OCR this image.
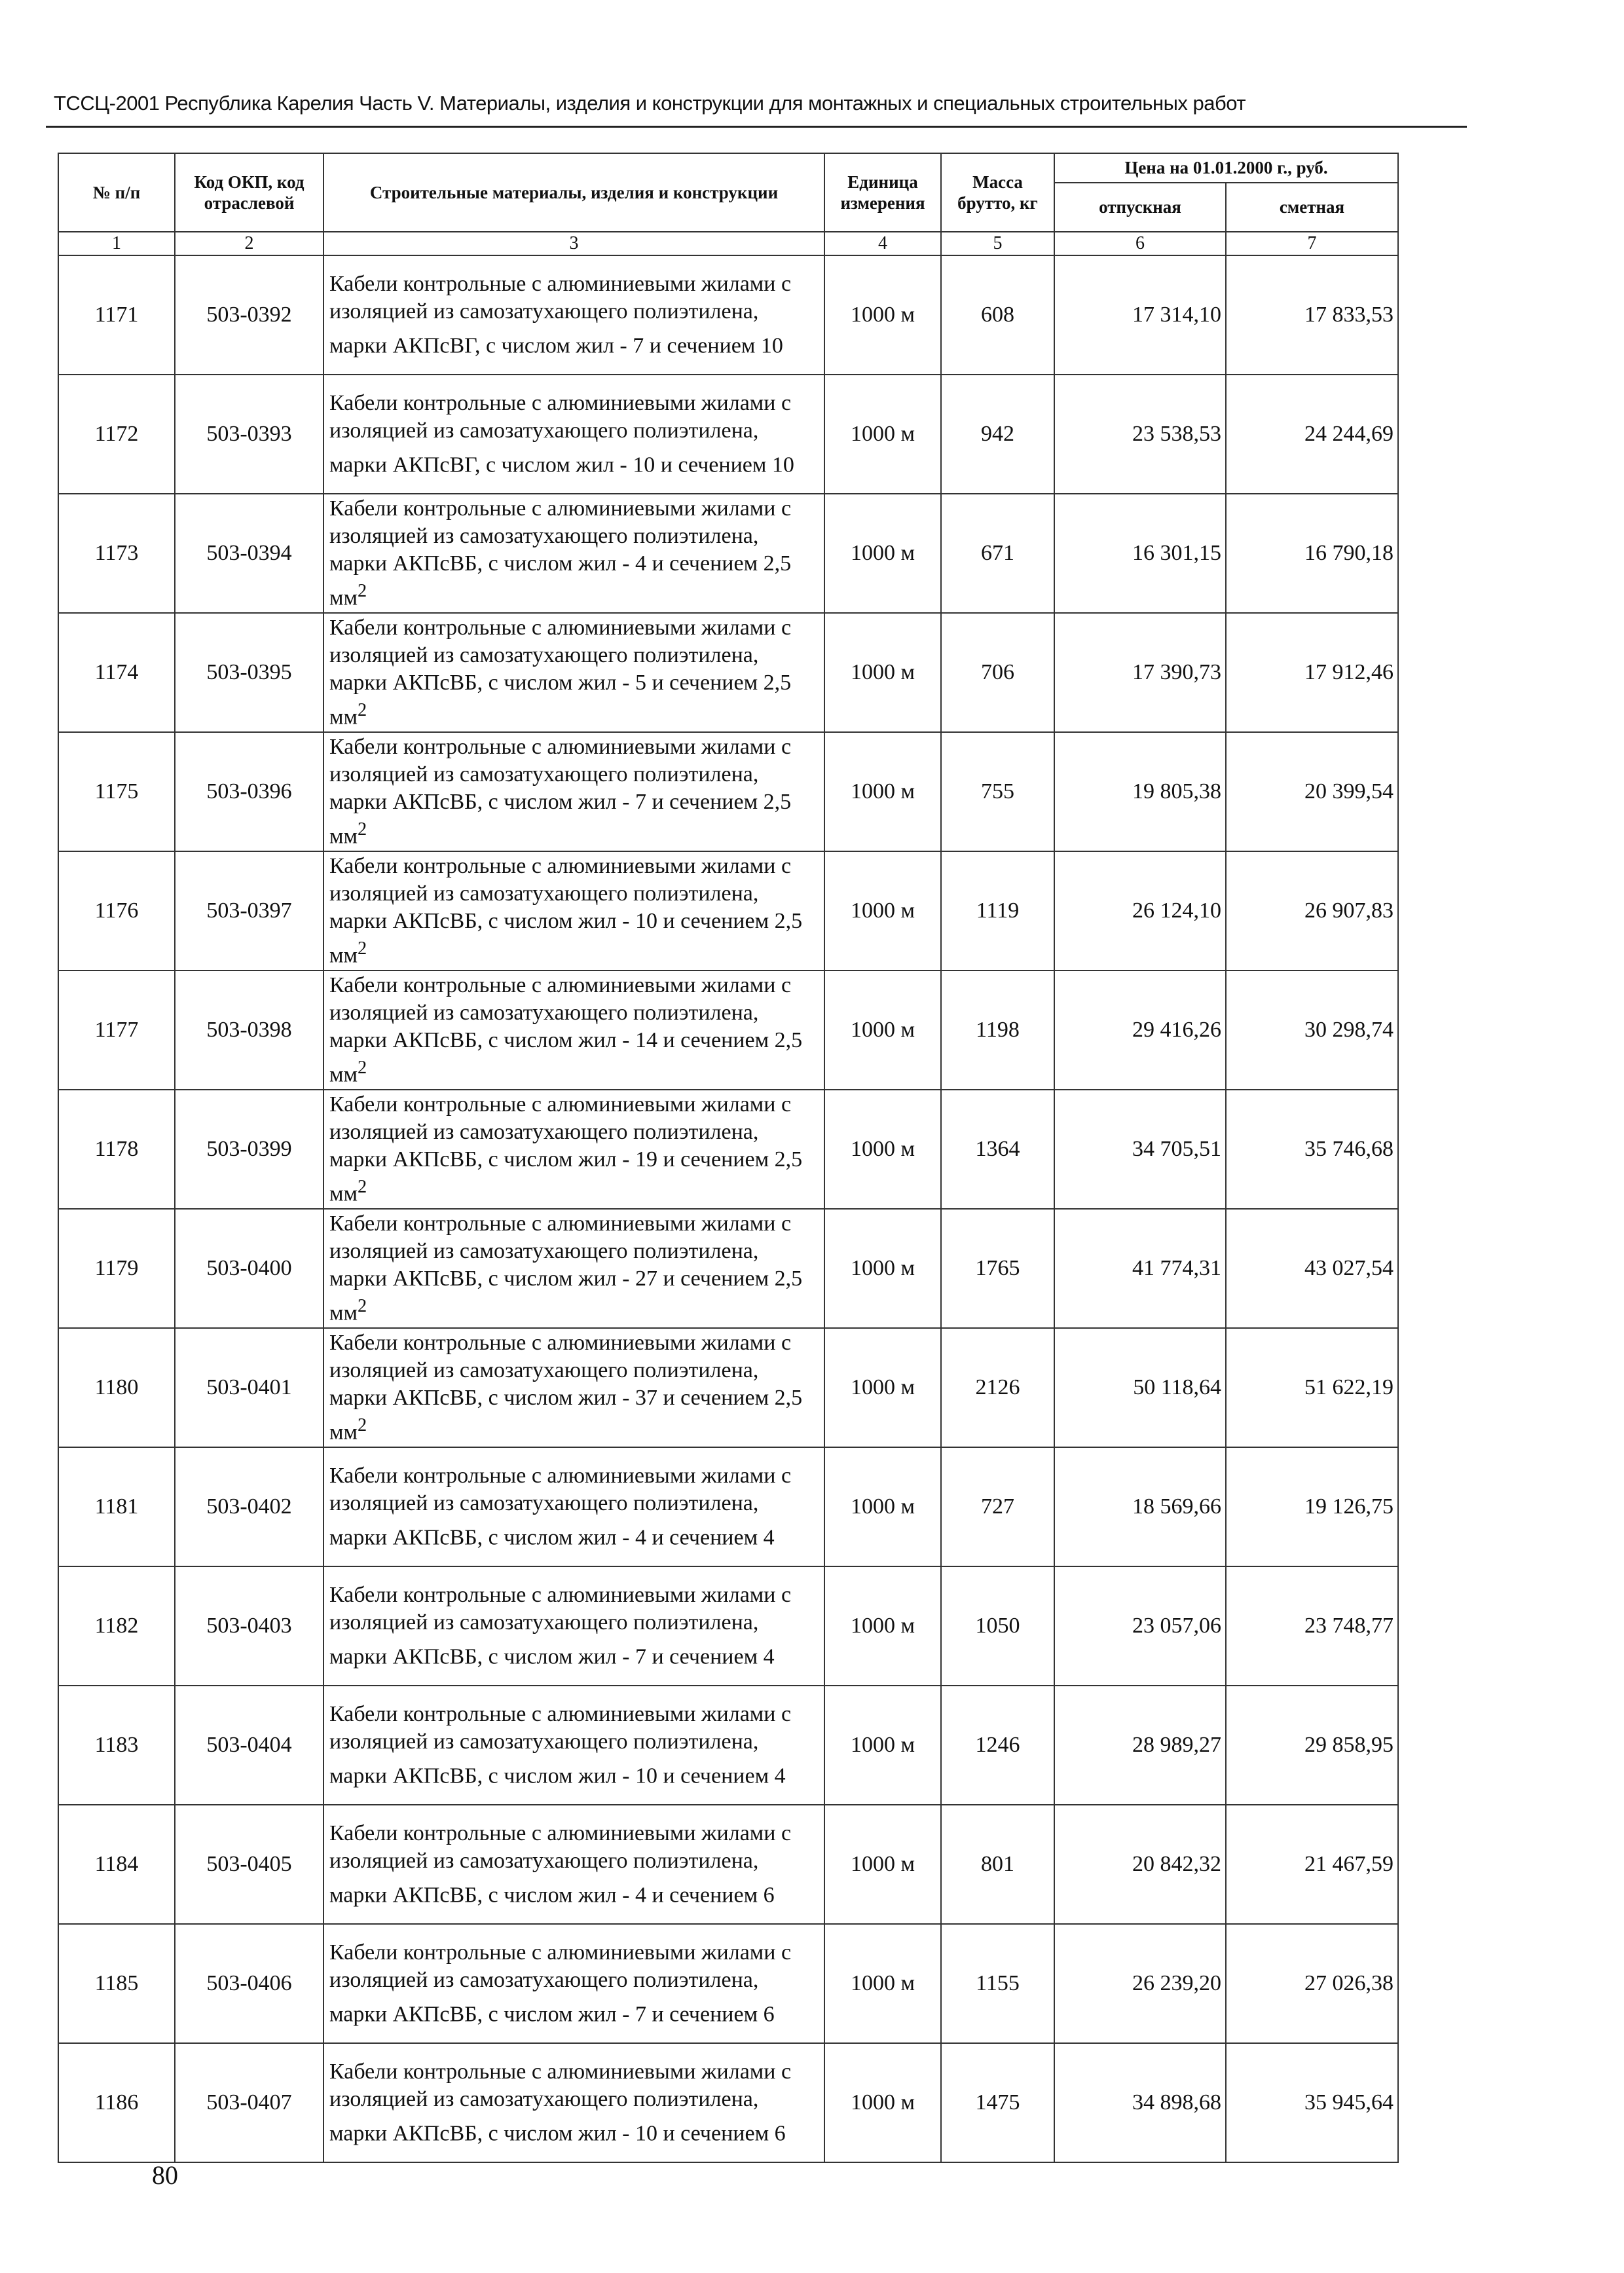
ТССЦ-2001 Республика Карелия Часть V. Материалы, изделия и конструкции для монтажных и специальных строительных работ
№ п/п	Код ОКП, код отраслевой	Строительные материалы, изделия и конструкции	Единица измерения	Масса брутто, кг	Цена на 01.01.2000 г., руб.	
					отпускная	сметная
1	2	3	4	5	6	7
1171	503-0392	Кабели контрольные с алюминиевыми жилами с изоляцией из самозатухающего полиэтилена, марки АКПсВГ, с числом жил - 7 и сечением 10	1000 м	608	17 314,10	17 833,53
1172	503-0393	Кабели контрольные с алюминиевыми жилами с изоляцией из самозатухающего полиэтилена, марки АКПсВГ, с числом жил - 10 и сечением 10	1000 м	942	23 538,53	24 244,69
1173	503-0394	Кабели контрольные с алюминиевыми жилами с изоляцией из самозатухающего полиэтилена, марки АКПсВБ, с числом жил - 4 и сечением 2,5 $мм^2$	1000 м	671	16 301,15	16 790,18
1174	503-0395	Кабели контрольные с алюминиевыми жилами с изоляцией из самозатухающего полиэтилена, марки АКПсВБ, с числом жил - 5 и сечением 2,5 $мм^2$	1000 м	706	17 390,73	17 912,46
1175	503-0396	Кабели контрольные с алюминиевыми жилами с изоляцией из самозатухающего полиэтилена, марки АКПсВБ, с числом жил - 7 и сечением 2,5 $мм^2$	1000 м	755	19 805,38	20 399,54
1176	503-0397	Кабели контрольные с алюминиевыми жилами с изоляцией из самозатухающего полиэтилена, марки АКПсВБ, с числом жил - 10 и сечением 2,5 $мм^2$	1000 м	1119	26 124,10	26 907,83
1177	503-0398	Кабели контрольные с алюминиевыми жилами с изоляцией из самозатухающего полиэтилена, марки АКПсВБ, с числом жил - 14 и сечением 2,5 $мм^2$	1000 м	1198	29 416,26	30 298,74
1178	503-0399	Кабели контрольные с алюминиевыми жилами с изоляцией из самозатухающего полиэтилена, марки АКПсВБ, с числом жил - 19 и сечением 2,5 $мм^2$	1000 м	1364	34 705,51	35 746,68
1179	503-0400	Кабели контрольные с алюминиевыми жилами с изоляцией из самозатухающего полиэтилена, марки АКПсВБ, с числом жил - 27 и сечением 2,5 $мм^2$	1000 м	1765	41 774,31	43 027,54
1180	503-0401	Кабели контрольные с алюминиевыми жилами с изоляцией из самозатухающего полиэтилена, марки АКПсВБ, с числом жил - 37 и сечением 2,5 $мм^2$	1000 м	2126	50 118,64	51 622,19
1181	503-0402	Кабели контрольные с алюминиевыми жилами с изоляцией из самозатухающего полиэтилена, марки АКПсВБ, с числом жил - 4 и сечением 4	1000 м	727	18 569,66	19 126,75
1182	503-0403	Кабели контрольные с алюминиевыми жилами с изоляцией из самозатухающего полиэтилена, марки АКПсВБ, с числом жил - 7 и сечением 4	1000 м	1050	23 057,06	23 748,77
1183	503-0404	Кабели контрольные с алюминиевыми жилами с изоляцией из самозатухающего полиэтилена, марки АКПсВБ, с числом жил - 10 и сечением 4	1000 м	1246	28 989,27	29 858,95
1184	503-0405	Кабели контрольные с алюминиевыми жилами с изоляцией из самозатухающего полиэтилена, марки АКПсВБ, с числом жил - 4 и сечением 6	1000 м	801	20 842,32	21 467,59
1185	503-0406	Кабели контрольные с алюминиевыми жилами с изоляцией из самозатухающего полиэтилена, марки АКПсВБ, с числом жил - 7 и сечением 6	1000 м	1155	26 239,20	27 026,38
1186	503-0407	Кабели контрольные с алюминиевыми жилами с изоляцией из самозатухающего полиэтилена, марки АКПсВБ, с числом жил - 10 и сечением 6	1000 м	1475	34 898,68	35 945,64
80
